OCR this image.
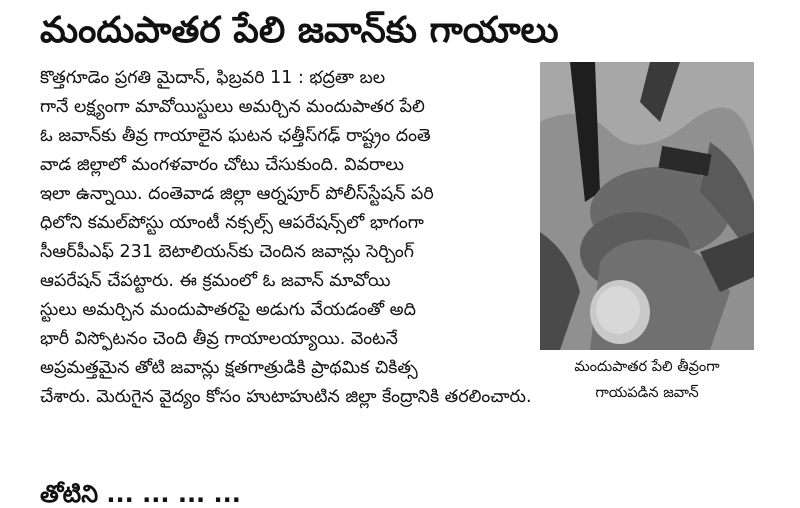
మందుపాతర పేలి జవాన్‌కు గాయాలు
కొత్తగూడెం ప్రగతి మైదాన్, ఫిబ్రవరి 11 : భద్రతా బల
గానే లక్ష్యంగా మావోయిస్టులు అమర్చిన మందుపాతర పేలి
ఓ జవాన్‌కు తీవ్ర గాయాలైన ఘటన ఛత్తీస్‌గఢ్ రాష్ట్రం దంతె
వాడ జిల్లాలో మంగళవారం చోటు చేసుకుంది. వివరాలు
ఇలా ఉన్నాయి. దంతెవాడ జిల్లా ఆర్నపూర్ పోలీస్‌స్టేషన్ పరి
ధిలోని కమల్‌పోస్టు యాంటీ నక్సల్స్ ఆపరేషన్స్‌లో భాగంగా
సీఆర్‌పీఎఫ్ 231 బెటాలియన్‌కు చెందిన జవాన్లు సెర్చింగ్
ఆపరేషన్ చేపట్టారు. ఈ క్రమంలో ఓ జవాన్ మావోయి
స్టులు అమర్చిన మందుపాతరపై అడుగు వేయడంతో అది
భారీ విస్ఫోటనం చెంది తీవ్ర గాయాలయ్యాయి. వెంటనే
అప్రమత్తమైన తోటి జవాన్లు క్షతగాత్రుడికి ప్రాథమిక చికిత్స
చేశారు. మెరుగైన వైద్యం కోసం హుటాహుటిన జిల్లా కేంద్రానికి తరలించారు.
మందుపాతర పేలి తీవ్రంగా
గాయపడిన జవాన్
తోటిని ... ... ... ...
